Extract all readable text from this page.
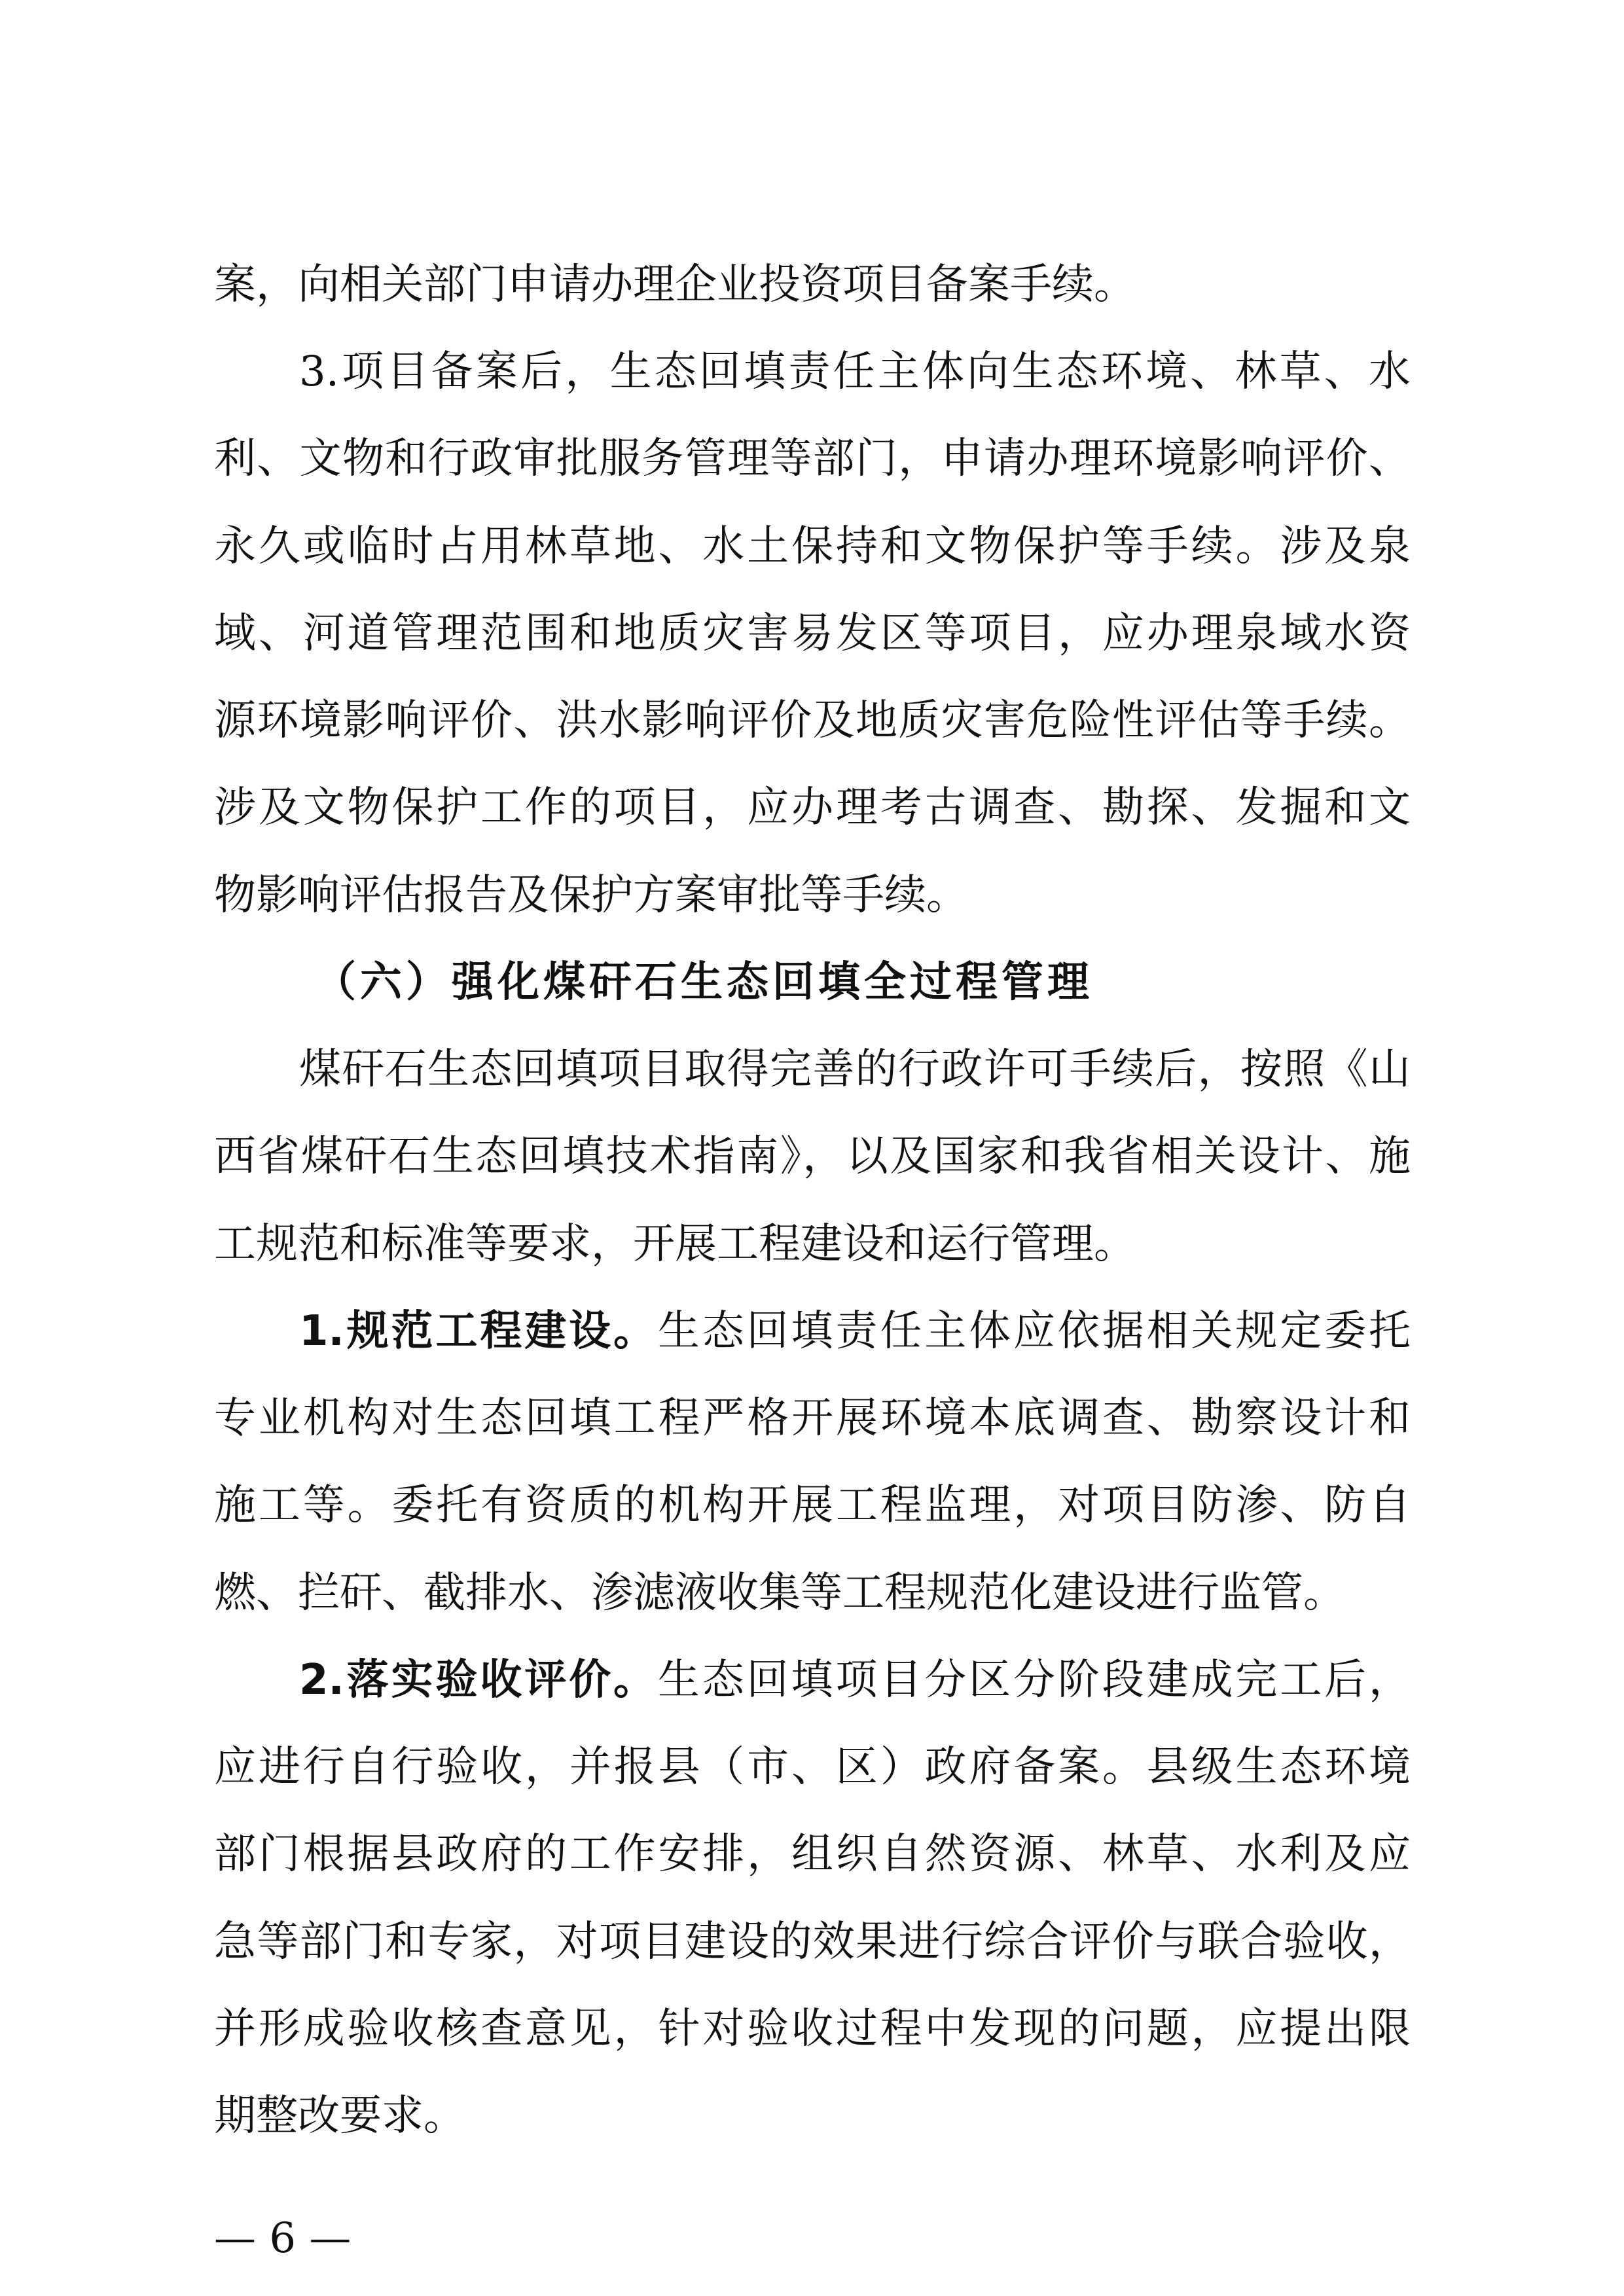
案，向相关部门申请办理企业投资项目备案手续。
3.项目备案后，生态回填责任主体向生态环境、林草、水
利、文物和行政审批服务管理等部门，申请办理环境影响评价、
永久或临时占用林草地、水土保持和文物保护等手续。涉及泉
域、河道管理范围和地质灾害易发区等项目，应办理泉域水资
源环境影响评价、洪水影响评价及地质灾害危险性评估等手续。
涉及文物保护工作的项目，应办理考古调查、勘探、发掘和文
物影响评估报告及保护方案审批等手续。
（六）强化煤矸石生态回填全过程管理
煤矸石生态回填项目取得完善的行政许可手续后，按照《山
西省煤矸石生态回填技术指南》，以及国家和我省相关设计、施
工规范和标准等要求，开展工程建设和运行管理。
1.规范工程建设。生态回填责任主体应依据相关规定委托
专业机构对生态回填工程严格开展环境本底调查、勘察设计和
施工等。委托有资质的机构开展工程监理，对项目防渗、防自
燃、拦矸、截排水、渗滤液收集等工程规范化建设进行监管。
2.落实验收评价。生态回填项目分区分阶段建成完工后，
应进行自行验收，并报县（市、区）政府备案。县级生态环境
部门根据县政府的工作安排，组织自然资源、林草、水利及应
急等部门和专家，对项目建设的效果进行综合评价与联合验收，
并形成验收核查意见，针对验收过程中发现的问题，应提出限
期整改要求。
— 6 —
